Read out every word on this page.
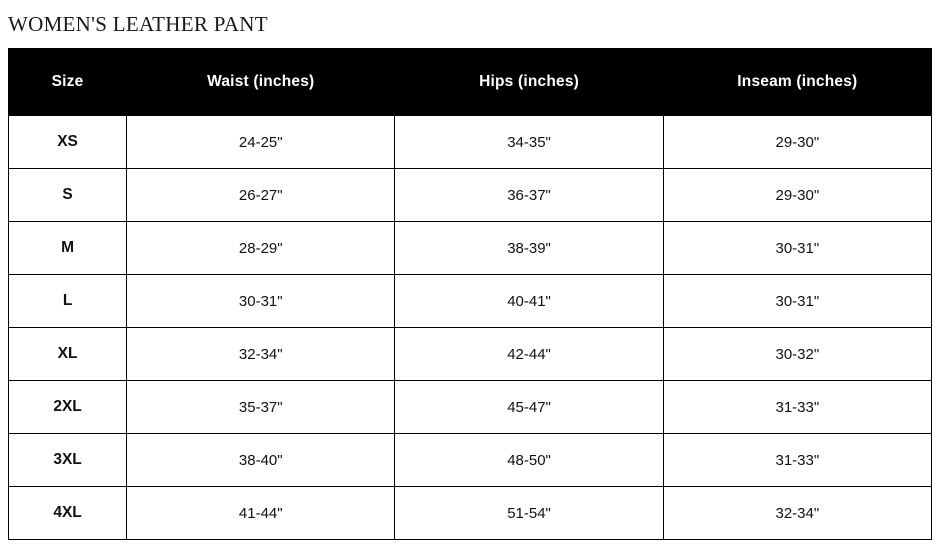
WOMEN'S LEATHER PANT
Size	Waist (inches)	Hips (inches)	Inseam (inches)
XS	24-25"	34-35"	29-30"
S	26-27"	36-37"	29-30"
M	28-29"	38-39"	30-31"
L	30-31"	40-41"	30-31"
XL	32-34"	42-44"	30-32"
2XL	35-37"	45-47"	31-33"
3XL	38-40"	48-50"	31-33"
4XL	41-44"	51-54"	32-34"
